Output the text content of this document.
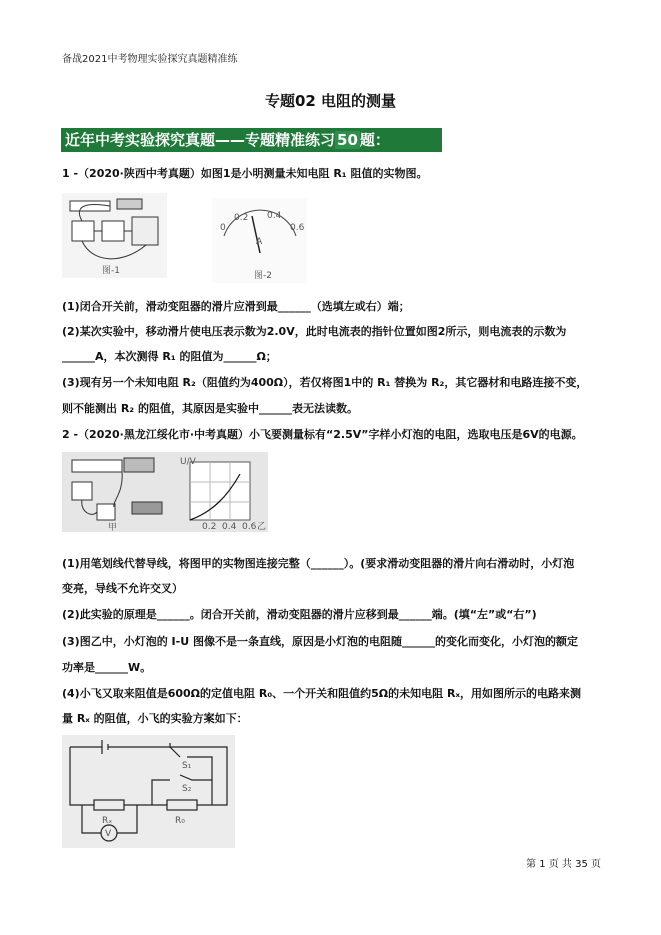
备战2021中考物理实验探究真题精准练
专题02 电阻的测量
近年中考实验探究真题——专题精准练习 50 题：
1 -（2020·陕西中考真题）如图1是小明测量未知电阻 R₁ 阻值的实物图。
图-1
A
0
0.2 0.4
0.6
图-2
(1)闭合开关前，滑动变阻器的滑片应滑到最______（选填左或右）端；
(2)某次实验中，移动滑片使电压表示数为2.0V，此时电流表的指针位置如图2所示，则电流表的示数为
______A，本次测得 R₁ 的阻值为______Ω；
(3)现有另一个未知电阻 R₂（阻值约为400Ω），若仅将图1中的 R₁ 替换为 R₂，其它器材和电路连接不变，
则不能测出 R₂ 的阻值，其原因是实验中______表无法读数。
2 -（2020·黑龙江绥化市·中考真题）小飞要测量标有“2.5V”字样小灯泡的电阻，选取电压是6V的电源。
甲
U/V
0.2 0.4 0.6 乙
(1)用笔划线代替导线，将图甲的实物图连接完整（______）。(要求滑动变阻器的滑片向右滑动时，小灯泡
变亮，导线不允许交叉）
(2)此实验的原理是______。闭合开关前，滑动变阻器的滑片应移到最______端。(填“左”或“右”)
(3)图乙中，小灯泡的 I-U 图像不是一条直线，原因是小灯泡的电阻随______的变化而变化，小灯泡的额定
功率是______W。
(4)小飞又取来阻值是600Ω的定值电阻 R₀、一个开关和阻值约5Ω的未知电阻 Rₓ，用如图所示的电路来测
量 Rₓ 的阻值，小飞的实验方案如下：
S₁
S₂
Rₓ	R₀
V
第 1 页 共 35 页
